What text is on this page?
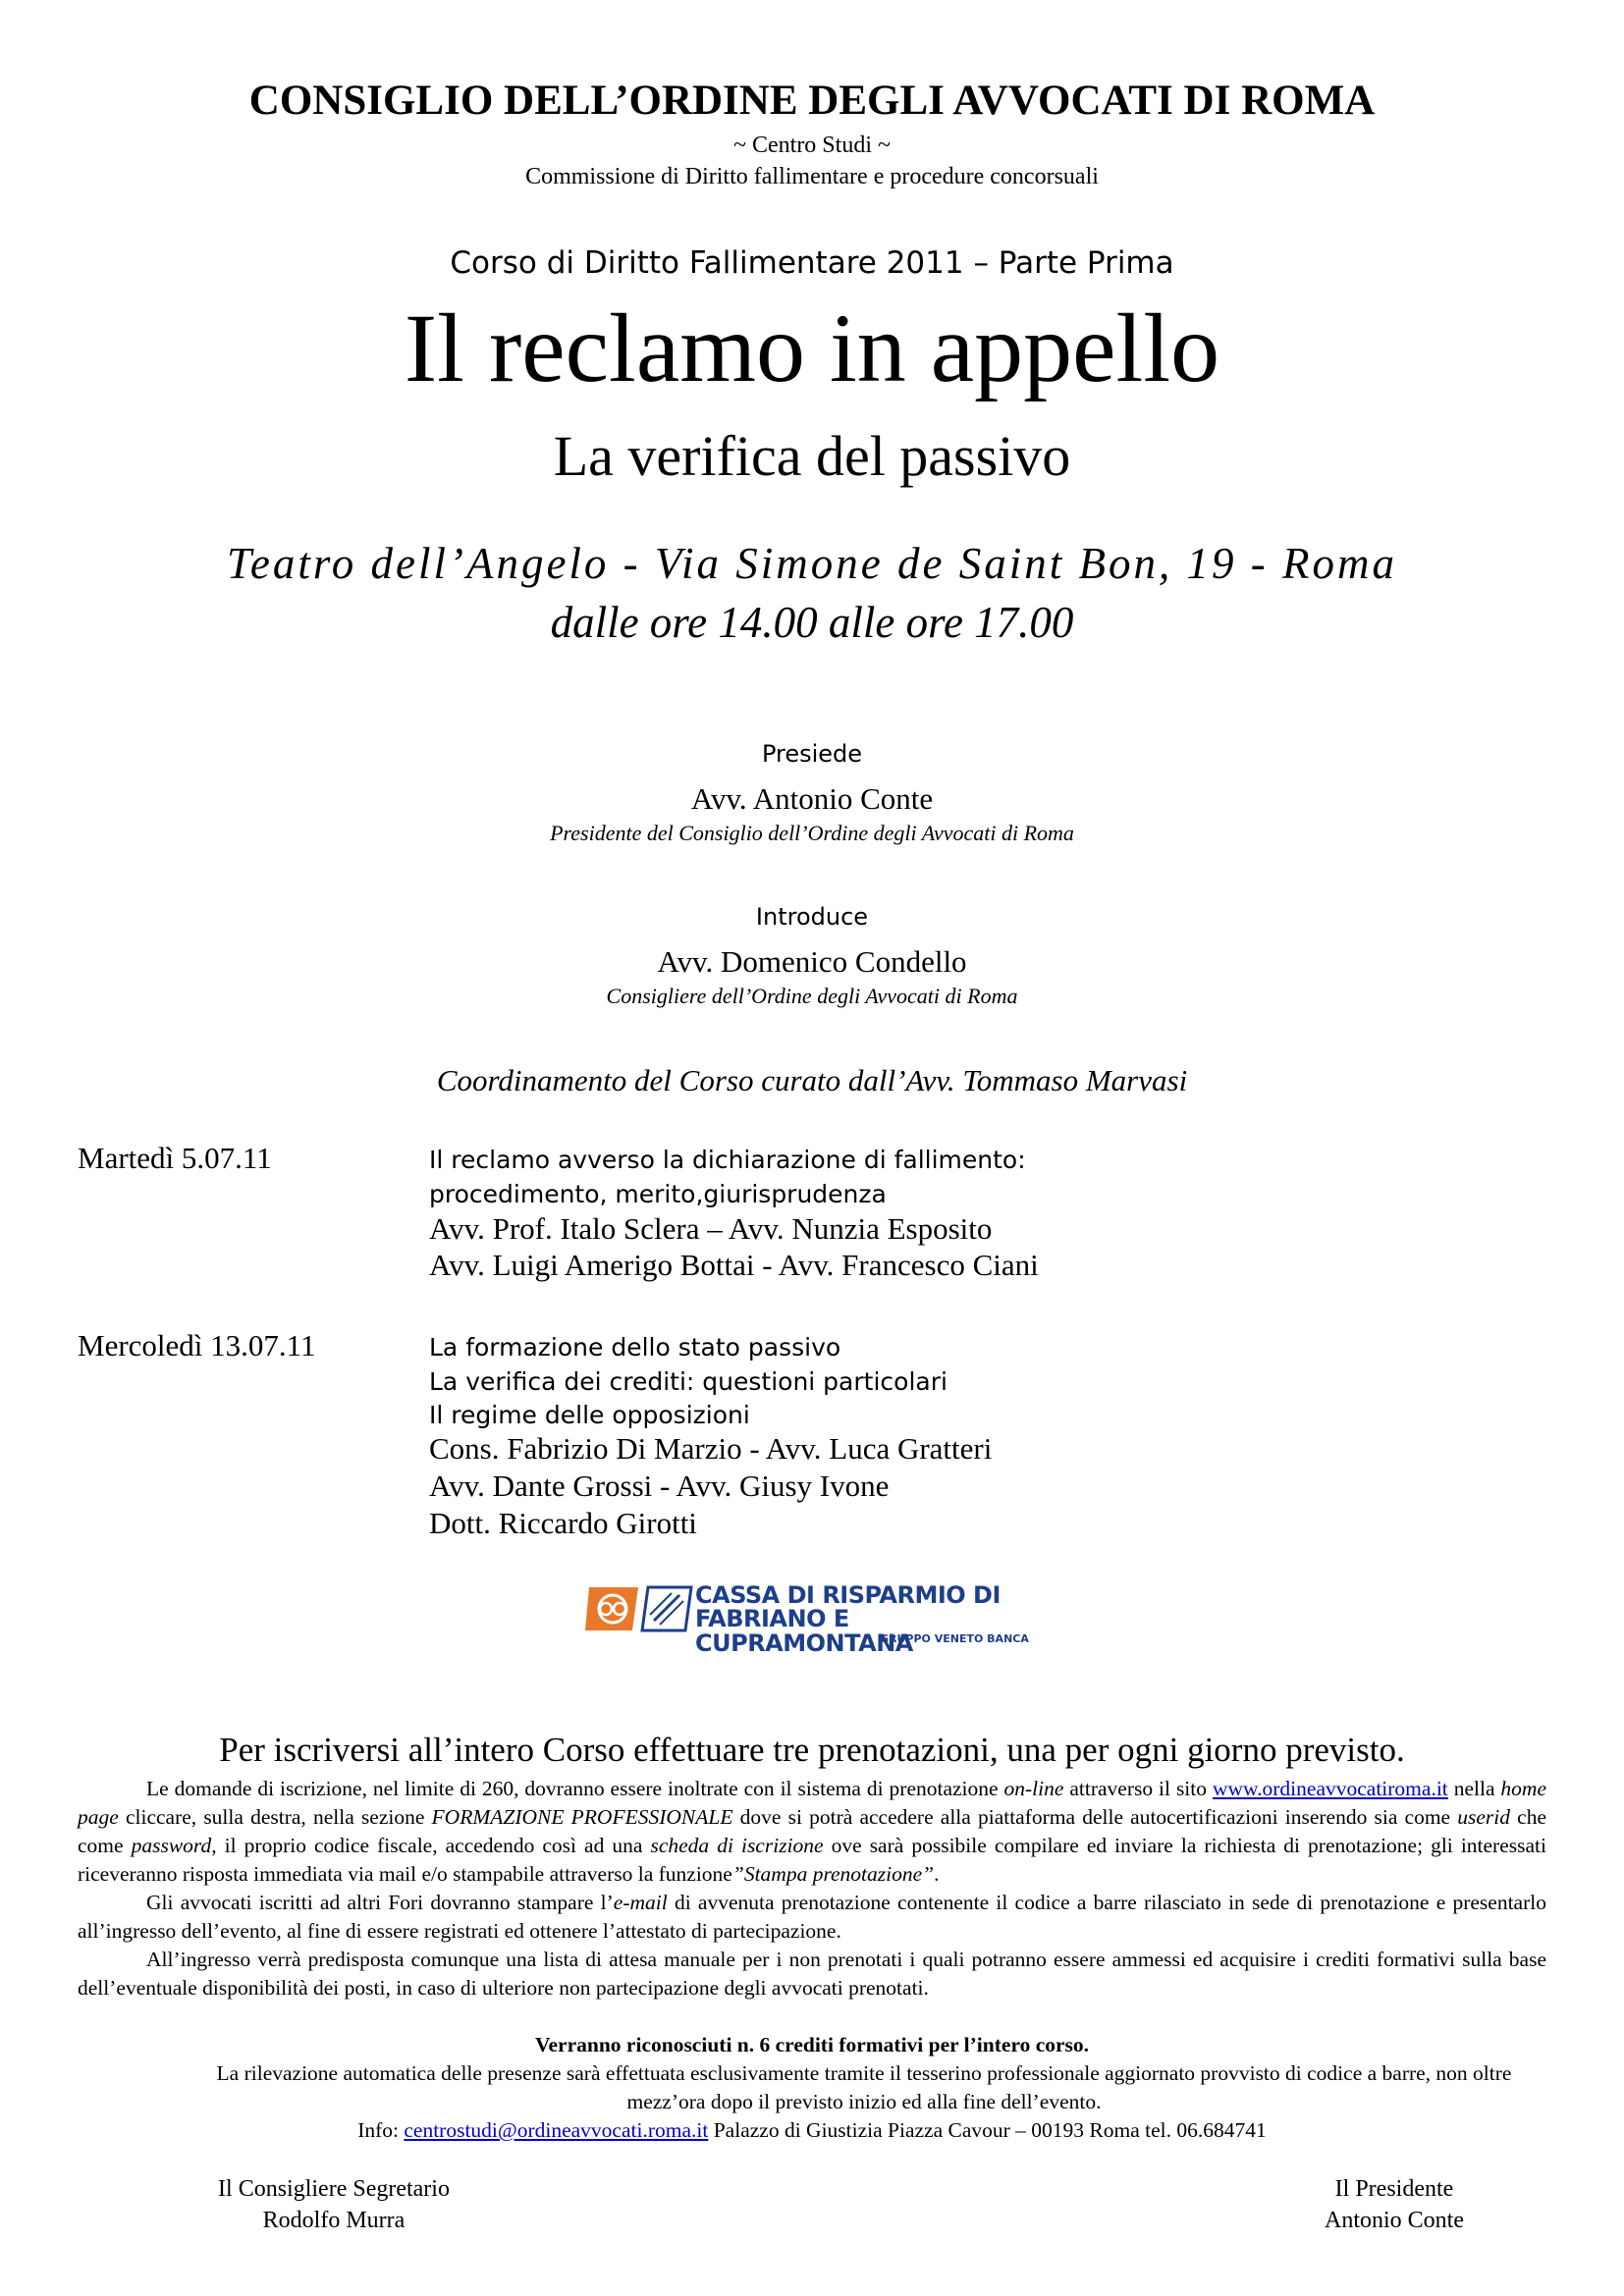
CONSIGLIO DELL’ORDINE DEGLI AVVOCATI DI ROMA
~ Centro Studi ~
Commissione di Diritto fallimentare e procedure concorsuali
Corso di Diritto Fallimentare 2011 – Parte Prima
Il reclamo in appello
La verifica del passivo
Teatro dell’Angelo - Via Simone de Saint Bon, 19 - Roma
dalle ore 14.00 alle ore 17.00
Presiede
Avv. Antonio Conte
Presidente del Consiglio dell’Ordine degli Avvocati di Roma
Introduce
Avv. Domenico Condello
Consigliere dell’Ordine degli Avvocati di Roma
Coordinamento del Corso curato dall’Avv. Tommaso Marvasi
Martedì 5.07.11	Il reclamo avverso la dichiarazione di fallimento:
procedimento, merito,giurisprudenza
Avv. Prof. Italo Sclera – Avv. Nunzia Esposito
Avv. Luigi Amerigo Bottai - Avv. Francesco Ciani
Mercoledì 13.07.11	La formazione dello stato passivo
La verifica dei crediti: questioni particolari
Il regime delle opposizioni
Cons. Fabrizio Di Marzio - Avv. Luca Gratteri
Avv. Dante Grossi - Avv. Giusy Ivone
Dott. Riccardo Girotti
CASSA DI RISPARMIO DI
FABRIANO E CUPRAMONTANA
GRUPPO VENETO BANCA
Per iscriversi all’intero Corso effettuare tre prenotazioni, una per ogni giorno previsto.

Le domande di iscrizione, nel limite di 260, dovranno essere inoltrate con il sistema di prenotazione on-line attraverso il sito www.ordineavvocatiroma.it nella home page cliccare, sulla destra, nella sezione FORMAZIONE PROFESSIONALE dove si potrà accedere alla piattaforma delle autocertificazioni inserendo sia come userid che come password, il proprio codice fiscale, accedendo così ad una scheda di iscrizione ove sarà possibile compilare ed inviare la richiesta di prenotazione; gli interessati riceveranno risposta immediata via mail e/o stampabile attraverso la funzione”Stampa prenotazione”.

Gli avvocati iscritti ad altri Fori dovranno stampare l’e-mail di avvenuta prenotazione contenente il codice a barre rilasciato in sede di prenotazione e presentarlo all’ingresso dell’evento, al fine di essere registrati ed ottenere l’attestato di partecipazione.

All’ingresso verrà predisposta comunque una lista di attesa manuale per i non prenotati i quali potranno essere ammessi ed acquisire i crediti formativi sulla base dell’eventuale disponibilità dei posti, in caso di ulteriore non partecipazione degli avvocati prenotati.

Verranno riconosciuti n. 6 crediti formativi per l’intero corso.
La rilevazione automatica delle presenze sarà effettuata esclusivamente tramite il tesserino professionale aggiornato provvisto di codice a barre, non oltre mezz’ora dopo il previsto inizio ed alla fine dell’evento.
Info: centrostudi@ordineavvocati.roma.it Palazzo di Giustizia Piazza Cavour – 00193 Roma tel. 06.684741
Il Consigliere Segretario
Rodolfo Murra
Il Presidente
Antonio Conte
